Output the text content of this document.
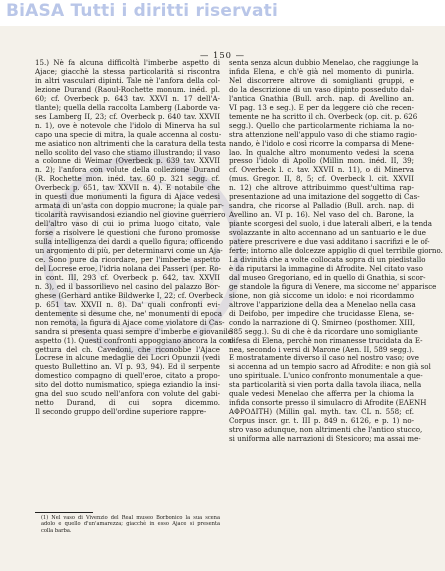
BiASA Tutti i diritti riservati
— 150 —
15.) Nè fa alcuna difficoltà l'imberbe aspetto di
Ajace; giacchè la stessa particolarità si riscontra
in altri vasculari dipinti. Tale nè l'anfora della col-
lezione Durand (Raoul-Rochette monum. inéd. pl.
60; cf. Overbeck p. 643 tav. XXVI n. 17 dell'A-
tlante); quella della raccolta Lamberg (Laborde va-
ses Lamberg II, 23; cf. Overbeck p. 640 tav. XXVII
n. 1), ove è notevole che l'idolo di Minerva ha sul
capo una specie di mitra, la quale accenna al costu-
me asiatico non altrimenti che la caratura della testa
nello scolito del vaso che stiamo illustrando; il vaso
a colonne di Weimar (Overbeck p. 639 tav. XXVII
n. 2); l'anfora con volute della collezione Durand
(R. Rochette mon. inéd. tav. 60 p. 321 segg. cf.
Overbeck p. 651, tav. XXVII n. 4). E notabile che
in questi due monumenti la figura di Ajace vedesi
armata di un'asta con doppio mucrone; la quale par-
ticolarità ravvisandosi eziandio nel giovine guerriero
dell'altro vaso di cui io prima luogo citato, vale
forse a risolvere le questioni che furono promosse
sulla intelligenza dei dardi a quello figura; officendo
un argomento di più, per determinarvi come un Aja-
ce. Sono pure da ricordare, per l'imberbe aspetto
del Locrese eroe, l'idria nolana dei Passeri (per. Ro-
in cont. III, 293 cf. Overbeck p. 642, tav. XXVII
n. 3), ed il bassorilievo nel casino del palazzo Bor-
ghese (Gerhard antike Bildwerke I, 22; cf. Overbeck
p. 651 tav. XXVII n. 8). Da' quali confronti evi-
dentemente si desume che, ne' monumenti di epoca
non remota, la figura di Ajace come violatore di Cas-
sandra si presenta quasi sempre d'imberbe e giovanile
aspetto (1). Questi confronti appoggiano ancora la con-
gettura del ch. Cavedoni, che riconobbe l'Ajace
Locrese in alcune medaglie dei Locri Opunzii (vedi
questo Bullettino an. VI p. 93, 94). Ed il serpente
domestico compagno di quell'eroe, citato a propo-
sito del dotto numismatico, spiega eziandio la insi-
gna del suo scudo nell'anfora con volute del gabi-
netto Durand, di cui sopra dicemmo.
Il secondo gruppo dell'ordine superiore rappre-
senta senza alcun dubbio Menelao, che raggiunge la
infida Elena, e ch'è già nel momento di punirla.
Nel discorrere altrove di somiglianti gruppi, e
do la descrizione di un vaso dipinto posseduto dal-
l'antica Gnathia (Bull. arch. nap. di Avellino an.
VI pag. 13 e seg.). E per da leggere ciò che recen-
temente ne ha scritto il ch. Overbeck (op. cit. p. 626
segg.). Quello che particolarmente richiama la no-
stra attenzione nell'appulo vaso di che stiamo ragio-
nando, è l'idolo e così ricorre la comparsa di Mene-
lao. In qualche altro monumento vedesi la scena
presso l'idolo di Apollo (Millin mon. inéd. II, 39;
cf. Overbeck l. c. tav. XXVII n. 11), o di Minerva
(mus. Gregor. II, 8, 5; cf. Overbeck l. cit. XXVII
n. 12) che altrove attribuimmo quest'ultima rap-
presentazione ad una imitazione del soggetto di Cas-
sandra, che ricorse al Palladio (Bull. arch. nap. di
Avellino an. VI p. 16). Nel vaso del ch. Barone, la
piante scorgesi del suolo, i due laterali alberi, e la tenda
svolazzante in alto accennano ad un santuario e le due
patere prescrivere e due vasi additano i sacrifizi e le of-
ferte; intorno alle dolcezze appiglio di quel terribile giorno.
La divinità che a volte collocata sopra di un piedistallo
è da riputarsi la immagine di Afrodite. Nel citato vaso
dal museo Gregoriano, ed in quello di Gnathia, si scor-
ge standole la figura di Venere, ma siccome ne' apparisce
sione, non già siccome un idolo: e noi ricordammo
altrove l'apparizione della dea a Menelao nella casa
di Deifobo, per impedire che trucidasse Elena, se-
condo la narrazione di Q. Smirneo (posthomer. XIII,
385 segg.). Su di che è da ricordare uno somigliante
difesa di Elena, perchè non rimanesse trucidata da E-
nea, secondo i versi di Marone (Aen. II, 589 segg.).
E mostratamente diverso il caso nel nostro vaso; ove
si accenna ad un tempio sacro ad Afrodite: e non già sol
uno spirituale. L'unico confronto monumentale a que-
sta particolarità si vien porta dalla tavola iliaca, nella
quale vedesi Menelao che afferra per la chioma la
infida consorte presso il simulacro di Afrodite (ΕΛΕΝΗ
ΑΦΡΟΔΙΤΗ) (Millin gal. myth. tav. CL n. 558; cf.
Corpus inscr. gr. t. III p. 849 n. 6126, e p. 1) no-
stro vaso adunque, non altrimenti che l'antico stucco,
si uniforma alle narrazioni di Stesicoro; ma assai me-
(1) Nel vaso di Vivenzio del Real museo Borbonico la sua scena
adolo e quello d'un'amarezza; giacchè in esso Ajace si presenta
colla barba.
